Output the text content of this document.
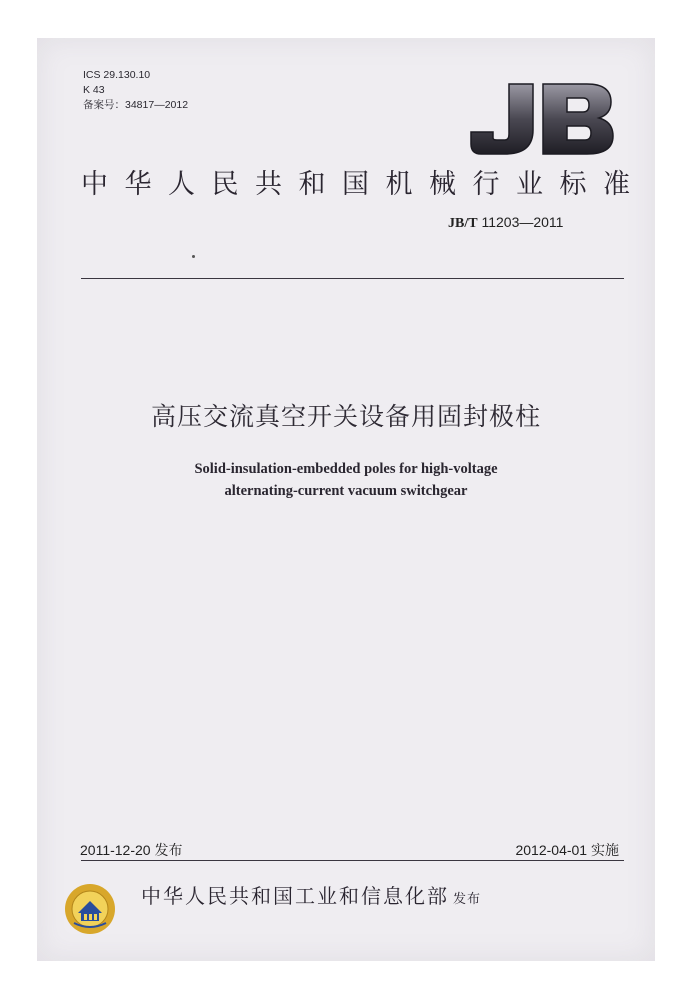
ICS 29.130.10
K 43
备案号：34817—2012
中华人民共和国机械行业标准
JB/T 11203—2011
高压交流真空开关设备用固封极柱
Solid-insulation-embedded poles for high-voltage
alternating-current vacuum switchgear
2011-12-20 发布	2012-04-01 实施
中华人民共和国工业和信息化部 发布
